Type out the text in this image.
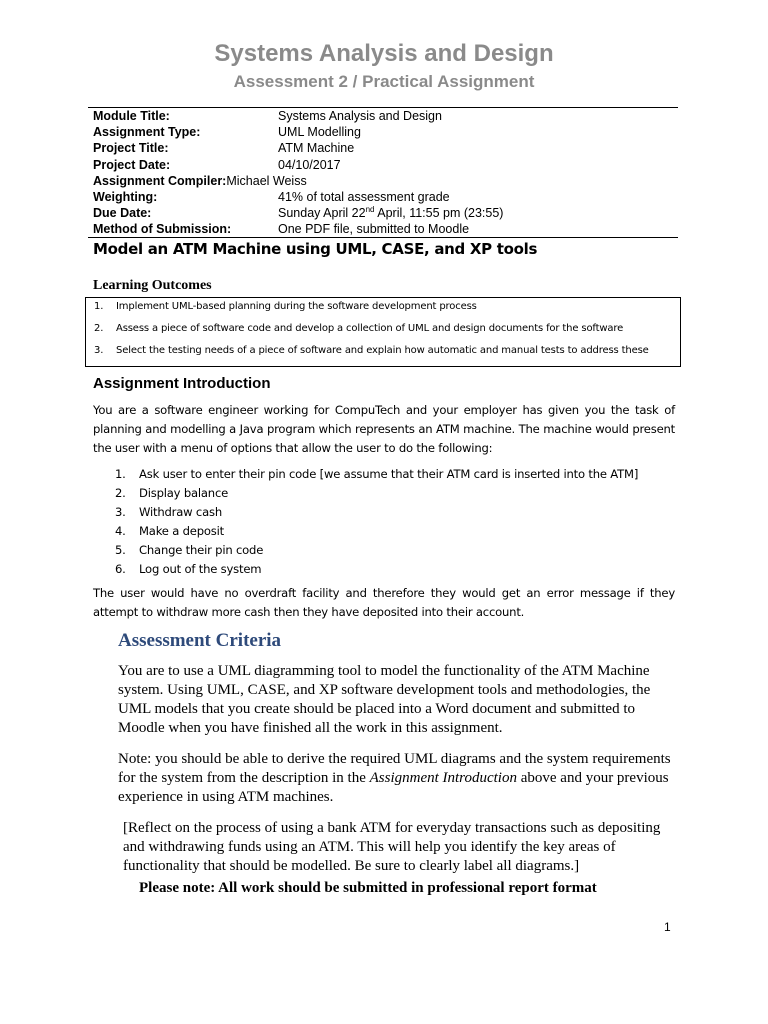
Systems Analysis and Design
Assessment 2 / Practical Assignment
Module Title:	Systems Analysis and Design
Assignment Type:	UML Modelling
Project Title:	ATM Machine
Project Date:	04/10/2017
Assignment Compiler:Michael Weiss
Weighting:	41% of total assessment grade
Due Date:	Sunday April 22nd April, 11:55 pm (23:55)
Method of Submission:	One PDF file, submitted to Moodle
Model an ATM Machine using UML, CASE, and XP tools
Learning Outcomes
1. Implement UML-based planning during the software development process
2. Assess a piece of software code and develop a collection of UML and design documents for the software
3. Select the testing needs of a piece of software and explain how automatic and manual tests to address these
Assignment Introduction
You are a software engineer working for CompuTech and your employer has given you the task of planning and modelling a Java program which represents an ATM machine. The machine would present the user with a menu of options that allow the user to do the following:
1. Ask user to enter their pin code [we assume that their ATM card is inserted into the ATM]
2. Display balance
3. Withdraw cash
4. Make a deposit
5. Change their pin code
6. Log out of the system
The user would have no overdraft facility and therefore they would get an error message if they attempt to withdraw more cash then they have deposited into their account.
Assessment Criteria
You are to use a UML diagramming tool to model the functionality of the ATM Machine system. Using UML, CASE, and XP software development tools and methodologies, the UML models that you create should be placed into a Word document and submitted to Moodle when you have finished all the work in this assignment.
Note: you should be able to derive the required UML diagrams and the system requirements for the system from the description in the Assignment Introduction above and your previous experience in using ATM machines.
[Reflect on the process of using a bank ATM for everyday transactions such as depositing and withdrawing funds using an ATM. This will help you identify the key areas of functionality that should be modelled. Be sure to clearly label all diagrams.]
Please note: All work should be submitted in professional report format
1
